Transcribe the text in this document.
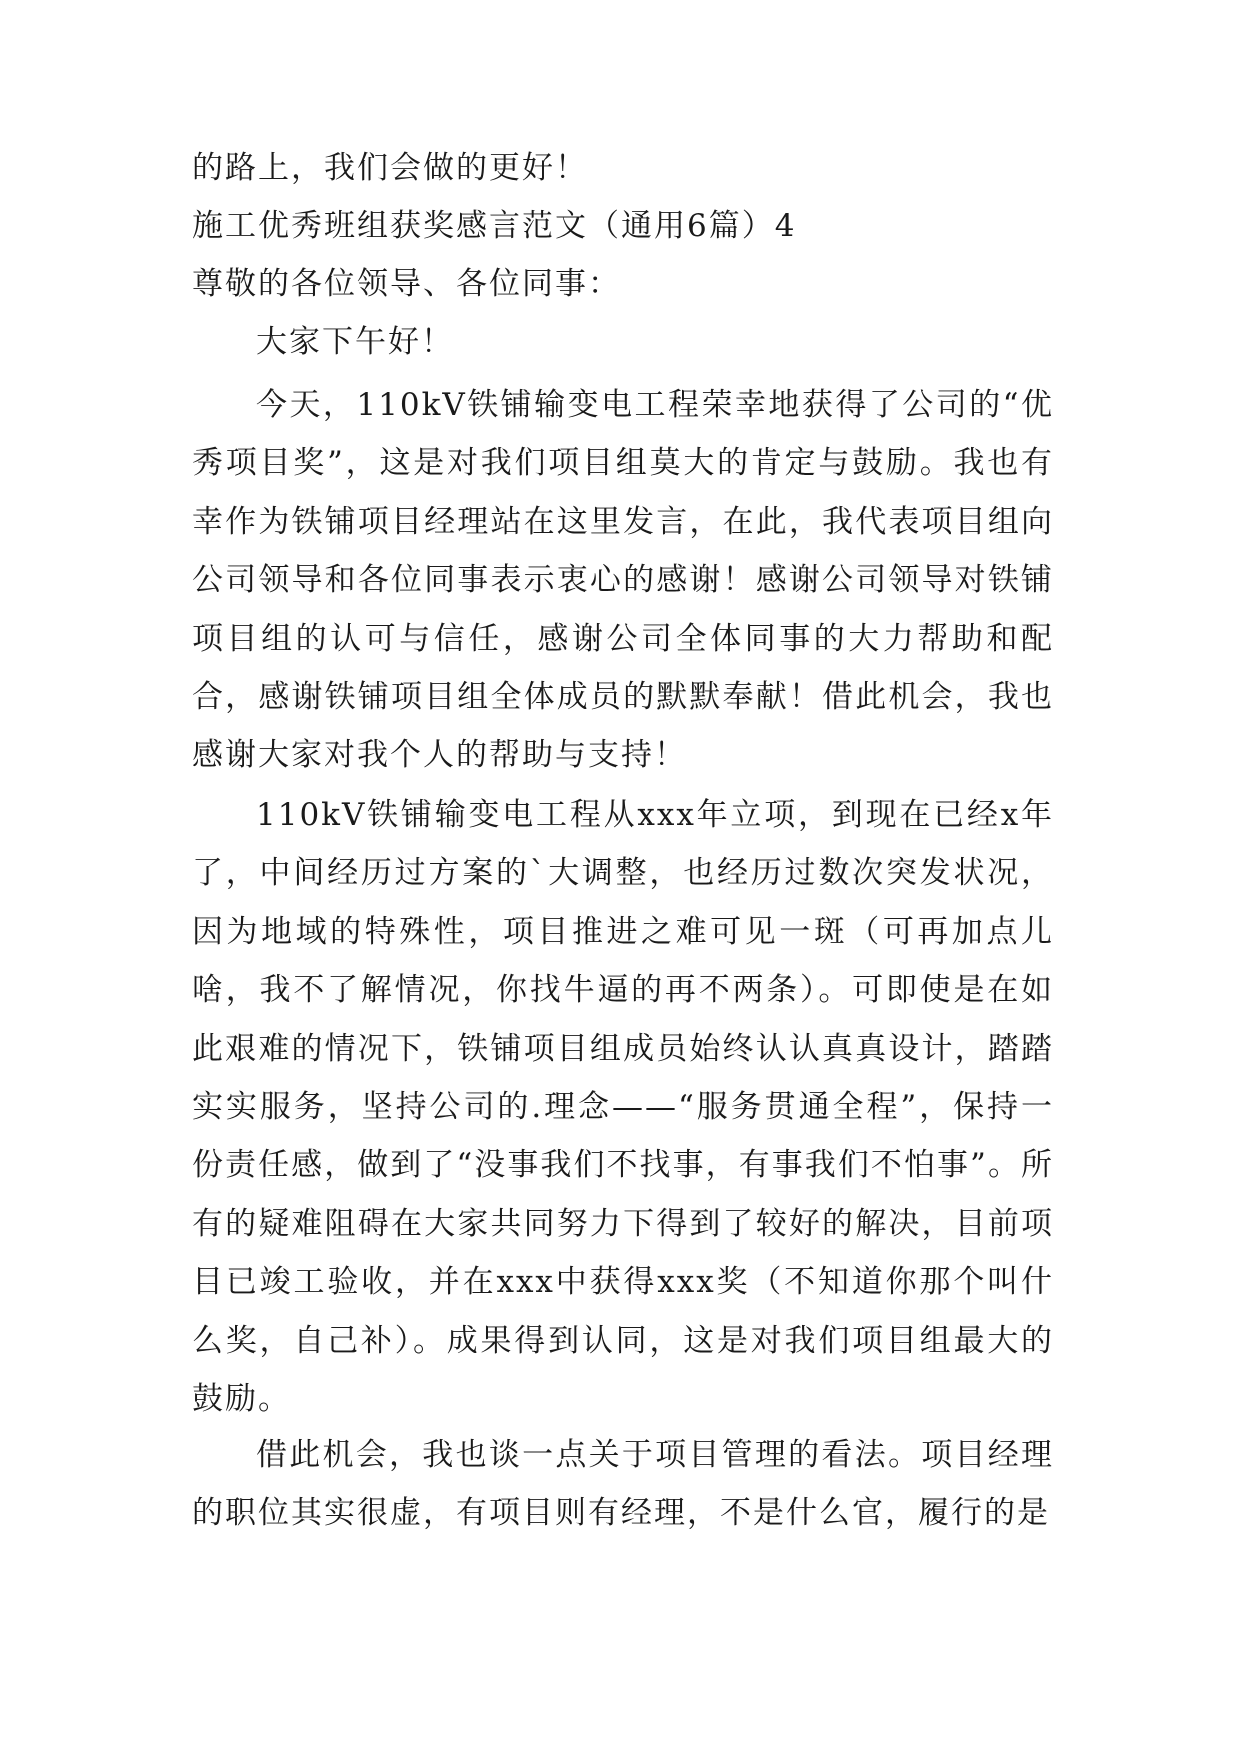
的路上，我们会做的更好！
施工优秀班组获奖感言范文（通用6篇）4
尊敬的各位领导、各位同事：
大家下午好！
今天，110kV铁铺输变电工程荣幸地获得了公司的“优秀项目奖”，这是对我们项目组莫大的肯定与鼓励。我也有幸作为铁铺项目经理站在这里发言，在此，我代表项目组向公司领导和各位同事表示衷心的感谢！感谢公司领导对铁铺项目组的认可与信任，感谢公司全体同事的大力帮助和配合，感谢铁铺项目组全体成员的默默奉献！借此机会，我也感谢大家对我个人的帮助与支持！
110kV铁铺输变电工程从xxx年立项，到现在已经x年了，中间经历过方案的`大调整，也经历过数次突发状况，因为地域的特殊性，项目推进之难可见一斑（可再加点儿啥，我不了解情况，你找牛逼的再不两条）。可即使是在如此艰难的情况下，铁铺项目组成员始终认认真真设计，踏踏实实服务，坚持公司的.理念——“服务贯通全程”，保持一份责任感，做到了“没事我们不找事，有事我们不怕事”。所有的疑难阻碍在大家共同努力下得到了较好的解决，目前项目已竣工验收，并在xxx中获得xxx奖（不知道你那个叫什么奖，自己补）。成果得到认同，这是对我们项目组最大的鼓励。
借此机会，我也谈一点关于项目管理的看法。项目经理的职位其实很虚，有项目则有经理，不是什么官，履行的是
